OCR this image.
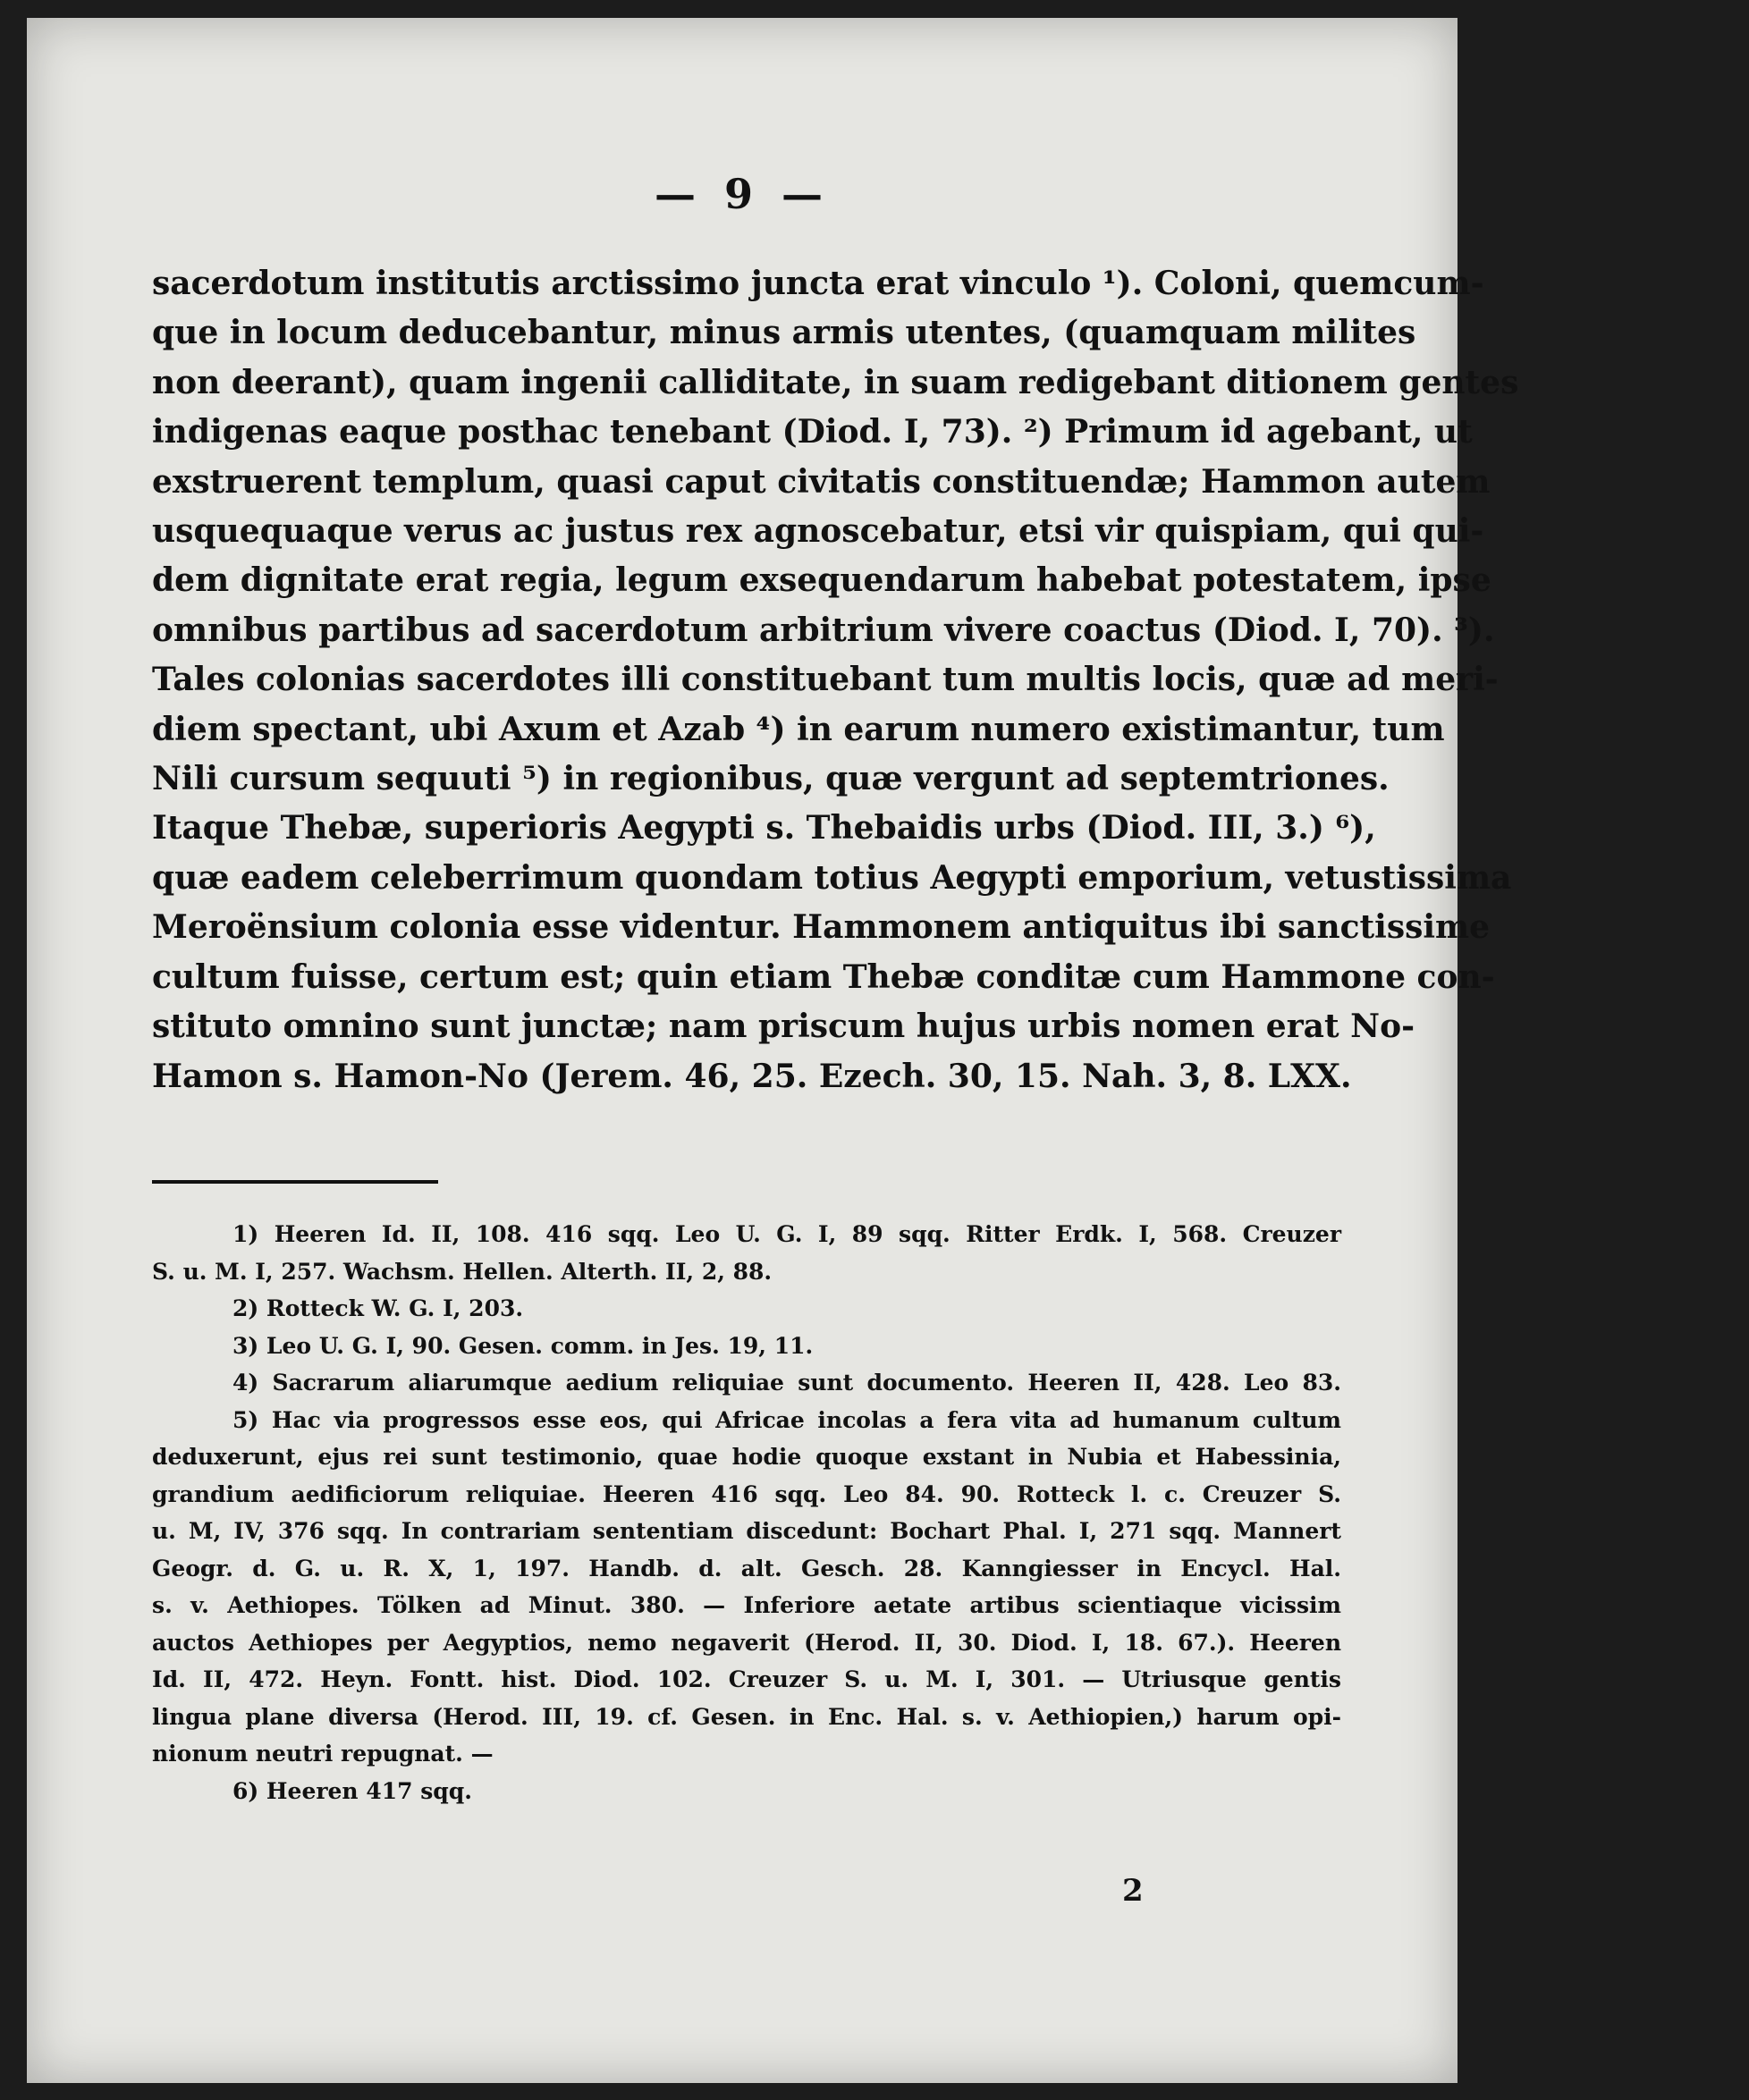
— 9 —
sacerdotum institutis arctissimo juncta erat vinculo ¹). Coloni, quemcum-
que in locum deducebantur, minus armis utentes, (quamquam milites
non deerant), quam ingenii calliditate, in suam redigebant ditionem gentes
indigenas eaque posthac tenebant (Diod. I, 73). ²) Primum id agebant, ut
exstruerent templum, quasi caput civitatis constituendæ; Hammon autem
usquequaque verus ac justus rex agnoscebatur, etsi vir quispiam, qui qui-
dem dignitate erat regia, legum exsequendarum habebat potestatem, ipse
omnibus partibus ad sacerdotum arbitrium vivere coactus (Diod. I, 70). ³).
Tales colonias sacerdotes illi constituebant tum multis locis, quæ ad meri-
diem spectant, ubi Axum et Azab ⁴) in earum numero existimantur, tum
Nili cursum sequuti ⁵) in regionibus, quæ vergunt ad septemtriones.
Itaque Thebæ, superioris Aegypti s. Thebaidis urbs (Diod. III, 3.) ⁶),
quæ eadem celeberrimum quondam totius Aegypti emporium, vetustissima
Meroënsium colonia esse videntur. Hammonem antiquitus ibi sanctissime
cultum fuisse, certum est; quin etiam Thebæ conditæ cum Hammone con-
stituto omnino sunt junctæ; nam priscum hujus urbis nomen erat No-
Hamon s. Hamon-No (Jerem. 46, 25. Ezech. 30, 15. Nah. 3, 8. LXX.
1) Heeren Id. II, 108. 416 sqq. Leo U. G. I, 89 sqq. Ritter Erdk. I, 568. Creuzer
S. u. M. I, 257. Wachsm. Hellen. Alterth. II, 2, 88.
2) Rotteck W. G. I, 203.
3) Leo U. G. I, 90. Gesen. comm. in Jes. 19, 11.
4) Sacrarum aliarumque aedium reliquiae sunt documento. Heeren II, 428. Leo 83.
5) Hac via progressos esse eos, qui Africae incolas a fera vita ad humanum cultum
deduxerunt, ejus rei sunt testimonio, quae hodie quoque exstant in Nubia et Habessinia,
grandium aedificiorum reliquiae. Heeren 416 sqq. Leo 84. 90. Rotteck l. c. Creuzer S.
u. M, IV, 376 sqq. In contrariam sententiam discedunt: Bochart Phal. I, 271 sqq. Mannert
Geogr. d. G. u. R. X, 1, 197. Handb. d. alt. Gesch. 28. Kanngiesser in Encycl. Hal.
s. v. Aethiopes. Tölken ad Minut. 380. — Inferiore aetate artibus scientiaque vicissim
auctos Aethiopes per Aegyptios, nemo negaverit (Herod. II, 30. Diod. I, 18. 67.). Heeren
Id. II, 472. Heyn. Fontt. hist. Diod. 102. Creuzer S. u. M. I, 301. — Utriusque gentis
lingua plane diversa (Herod. III, 19. cf. Gesen. in Enc. Hal. s. v. Aethiopien,) harum opi-
nionum neutri repugnat. —
6) Heeren 417 sqq.
2
